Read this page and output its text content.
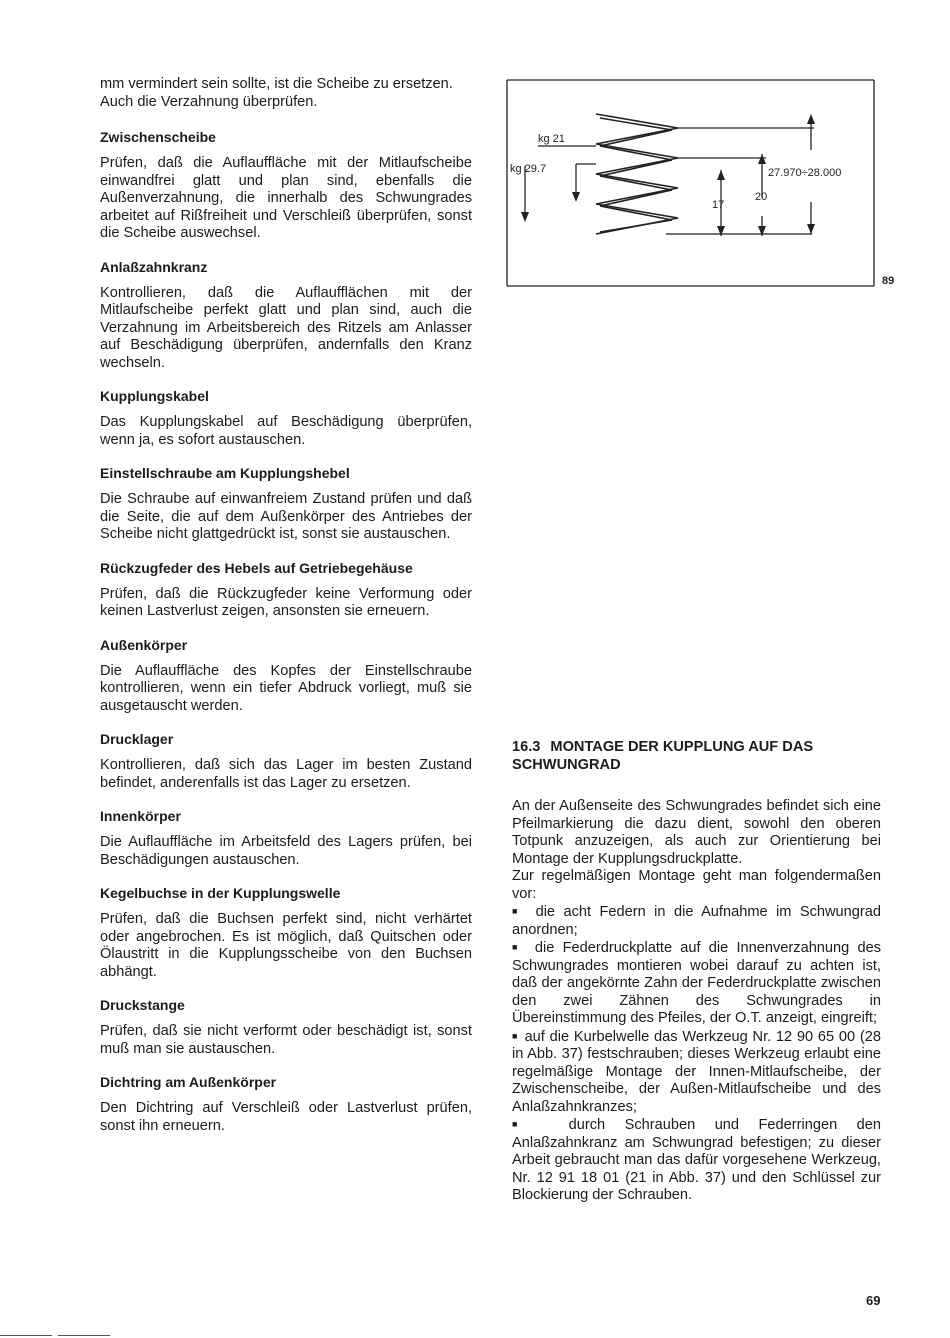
mm vermindert sein sollte, ist die Scheibe zu ersetzen.

Auch die Verzahnung überprüfen.

Zwischenscheibe

Prüfen, daß die Auflauffläche mit der Mitlaufscheibe einwandfrei glatt und plan sind, ebenfalls die Außenverzahnung, die innerhalb des Schwungrades arbeitet auf Rißfreiheit und Verschleiß überprüfen, sonst die Scheibe auswechsel.

Anlaßzahnkranz

Kontrollieren, daß die Auflaufflächen mit der Mitlaufscheibe perfekt glatt und plan sind, auch die Verzahnung im Arbeitsbereich des Ritzels am Anlasser auf Beschädigung überprüfen, andernfalls den Kranz wechseln.

Kupplungskabel

Das Kupplungskabel auf Beschädigung überprüfen, wenn ja, es sofort austauschen.

Einstellschraube am Kupplungshebel

Die Schraube auf einwanfreiem Zustand prüfen und daß die Seite, die auf dem Außenkörper des Antriebes der Scheibe nicht glattgedrückt ist, sonst sie austauschen.

Rückzugfeder des Hebels auf Getriebegehäuse

Prüfen, daß die Rückzugfeder keine Verformung oder keinen Lastverlust zeigen, ansonsten sie erneuern.

Außenkörper

Die Auflauffläche des Kopfes der Einstellschraube kontrollieren, wenn ein tiefer Abdruck vorliegt, muß sie ausgetauscht werden.

Drucklager

Kontrollieren, daß sich das Lager im besten Zustand befindet, anderenfalls ist das Lager zu ersetzen.

Innenkörper

Die Auflauffläche im Arbeitsfeld des Lagers prüfen, bei Beschädigungen austauschen.

Kegelbuchse in der Kupplungswelle

Prüfen, daß die Buchsen perfekt sind, nicht verhärtet oder angebrochen. Es ist möglich, daß Quitschen oder Ölaustritt in die Kupplungsscheibe von den Buchsen abhängt.

Druckstange

Prüfen, daß sie nicht verformt oder beschädigt ist, sonst muß man sie austauschen.

Dichtring am Außenkörper

Den Dichtring auf Verschleiß oder Lastverlust prüfen, sonst ihn erneuern.

kg 21
kg 29.7
17
20
27.970÷28.000
89
16.3 MONTAGE DER KUPPLUNG AUF DAS SCHWUNGRAD

An der Außenseite des Schwungrades befindet sich eine Pfeilmarkierung die dazu dient, sowohl den oberen Totpunk anzuzeigen, als auch zur Orientierung bei Montage der Kupplungsdruckplatte.

Zur regelmäßigen Montage geht man folgendermaßen vor:

■  die acht Federn in die Aufnahme im Schwungrad anordnen;

■  die Federdruckplatte auf die Innenverzahnung des Schwungrades montieren wobei darauf zu achten ist, daß der angekörnte Zahn der Federdruckplatte zwischen den zwei Zähnen des Schwungrades in Übereinstimmung des Pfeiles, der O.T. anzeigt, eingreift;

■  auf die Kurbelwelle das Werkzeug Nr. 12 90 65 00 (28 in Abb. 37) festschrauben; dieses Werkzeug erlaubt eine regelmäßige Montage der Innen-Mitlaufscheibe, der Zwischenscheibe, der Außen-Mitlaufscheibe und des Anlaßzahnkranzes;

■  durch Schrauben und Federringen den Anlaßzahnkranz am Schwungrad befestigen; zu dieser Arbeit gebraucht man das dafür vorgesehene Werkzeug, Nr. 12 91 18 01 (21 in Abb. 37) und den Schlüssel zur Blockierung der Schrauben.

69
